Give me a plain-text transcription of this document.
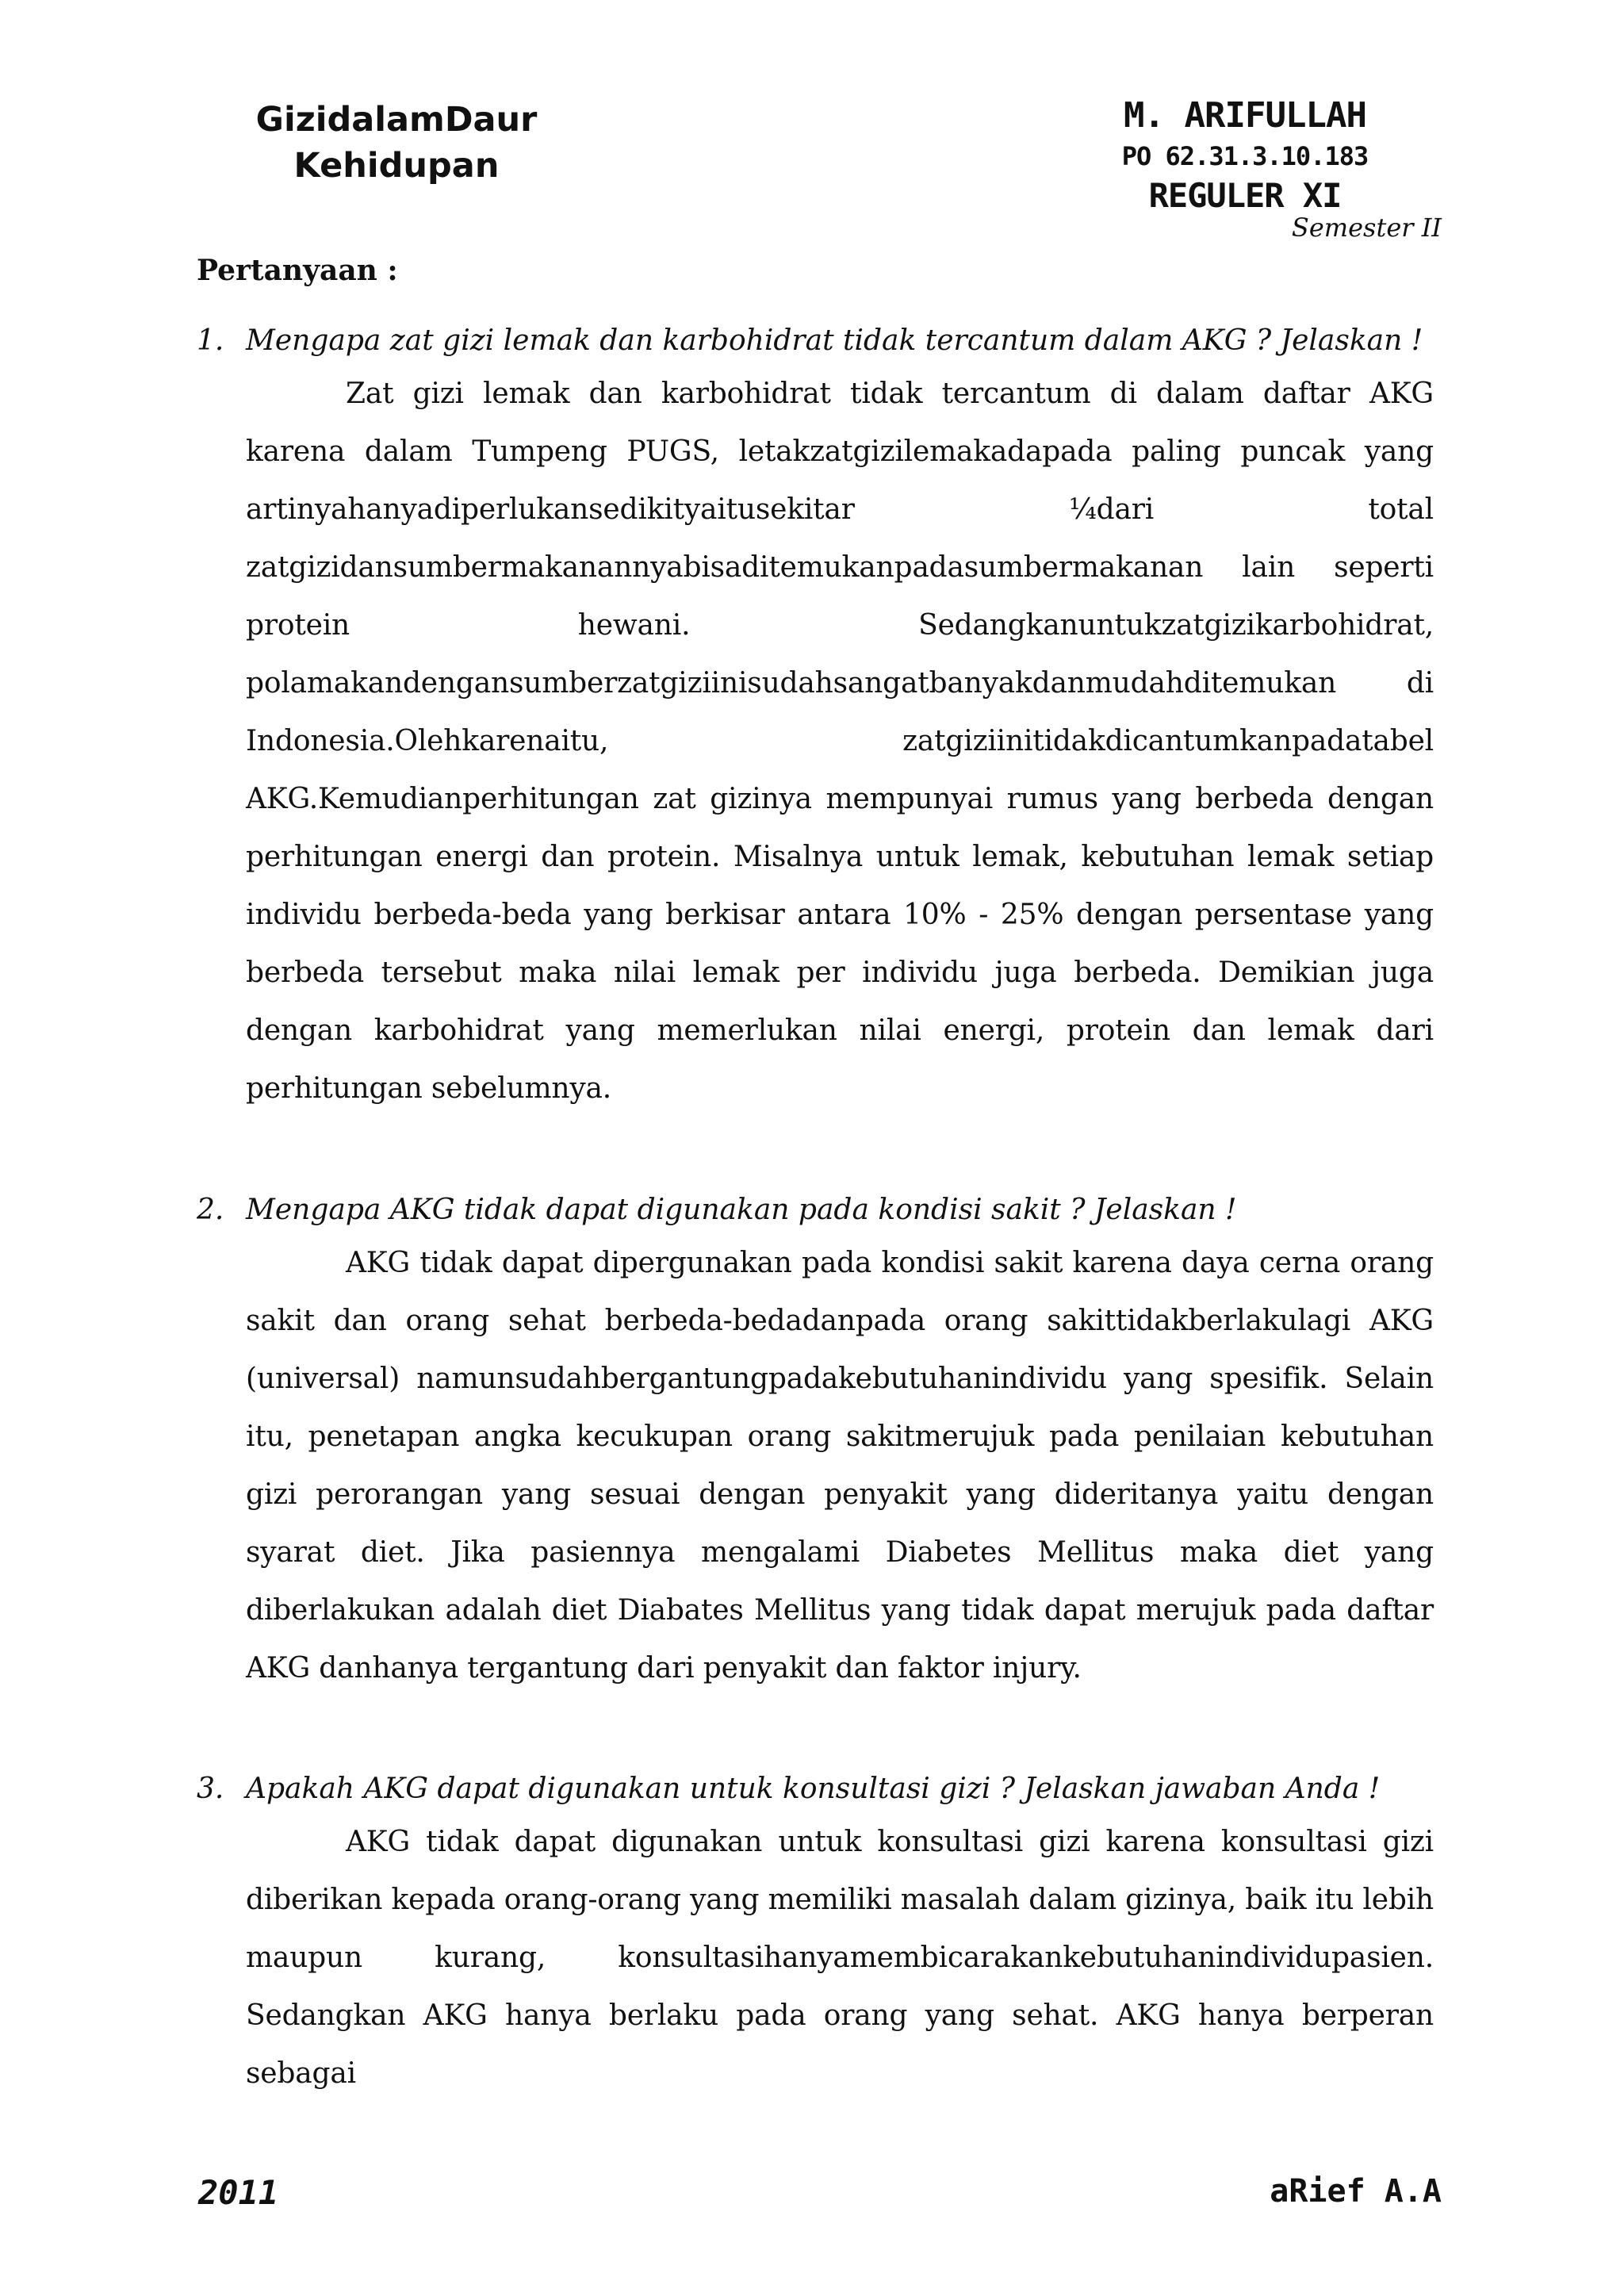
GizidalamDaur
Kehidupan
M. ARIFULLAH
PO 62.31.3.10.183
REGULER XI
Semester II
Pertanyaan :
1. Mengapa zat gizi lemak dan karbohidrat tidak tercantum dalam AKG ? Jelaskan !
Zat gizi lemak dan karbohidrat tidak tercantum di dalam daftar AKG karena dalam Tumpeng PUGS, letakzatgizilemakadapada paling puncak yang artinyahanyadiperlukansedikityaitusekitar ¼dari total zatgizidansumbermakanannyabisaditemukanpadasumbermakanan lain seperti protein hewani. Sedangkanuntukzatgizikarbohidrat, polamakandengansumberzatgiziinisudahsangatbanyakdanmudahditemukan di Indonesia.Olehkarenaitu, zatgiziinitidakdicantumkanpadatabel AKG.Kemudianperhitungan zat gizinya mempunyai rumus yang berbeda dengan perhitungan energi dan protein. Misalnya untuk lemak, kebutuhan lemak setiap individu berbeda-beda yang berkisar antara 10% - 25% dengan persentase yang berbeda tersebut maka nilai lemak per individu juga berbeda. Demikian juga dengan karbohidrat yang memerlukan nilai energi, protein dan lemak dari perhitungan sebelumnya.
2. Mengapa AKG tidak dapat digunakan pada kondisi sakit ? Jelaskan !
AKG tidak dapat dipergunakan pada kondisi sakit karena daya cerna orang sakit dan orang sehat berbeda-bedadanpada orang sakittidakberlakulagi AKG (universal) namunsudahbergantungpadakebutuhanindividu yang spesifik. Selain itu, penetapan angka kecukupan orang sakitmerujuk pada penilaian kebutuhan gizi perorangan yang sesuai dengan penyakit yang dideritanya yaitu dengan syarat diet. Jika pasiennya mengalami Diabetes Mellitus maka diet yang diberlakukan adalah diet Diabates Mellitus yang tidak dapat merujuk pada daftar AKG danhanya tergantung dari penyakit dan faktor injury.
3. Apakah AKG dapat digunakan untuk konsultasi gizi ? Jelaskan jawaban Anda !
AKG tidak dapat digunakan untuk konsultasi gizi karena konsultasi gizi diberikan kepada orang-orang yang memiliki masalah dalam gizinya, baik itu lebih maupun kurang, konsultasihanyamembicarakankebutuhanindividupasien. Sedangkan AKG hanya berlaku pada orang yang sehat. AKG hanya berperan sebagai
2011	aRief A.A
